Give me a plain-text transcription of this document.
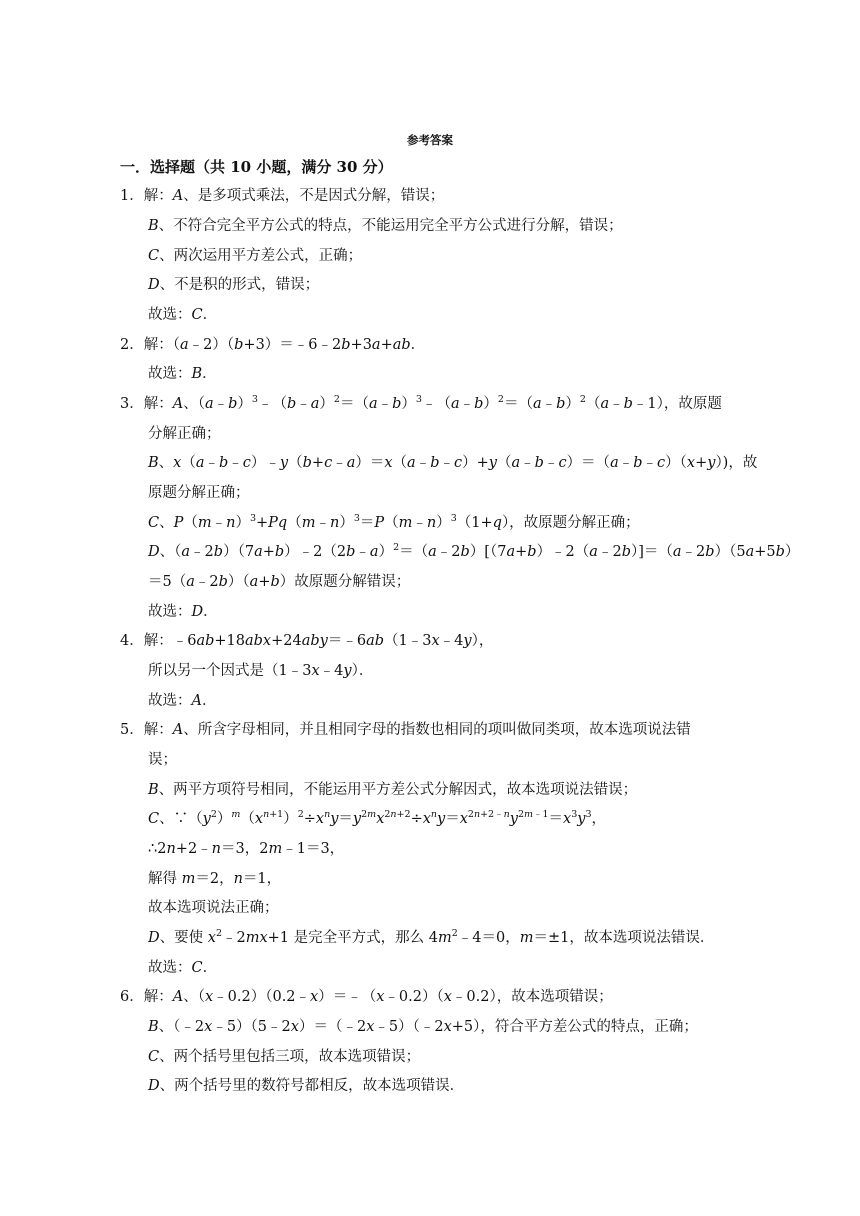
参考答案
一．选择题（共 10 小题，满分 30 分）
1．解：A、是多项式乘法，不是因式分解，错误；
B、不符合完全平方公式的特点，不能运用完全平方公式进行分解，错误；
C、两次运用平方差公式，正确；
D、不是积的形式，错误；
故选：C．
2．解：（a﹣2）（b+3）＝﹣6﹣2b+3a+ab．
故选：B．
3．解：A、（a﹣b）$^3$﹣（b﹣a）$^2$＝（a﹣b）$^3$﹣（a﹣b）$^2$＝（a﹣b）$^2$（a﹣b﹣1），故原题
分解正确；
B、x（a﹣b﹣c）﹣y（b+c﹣a）＝x（a﹣b﹣c）+y（a﹣b﹣c）＝（a﹣b﹣c）（x+y）)，故
原题分解正确；
C、P（m﹣n）$^3$+Pq（m﹣n）$^3$＝P（m﹣n）$^3$（1+q），故原题分解正确；
D、（a﹣2b）（7a+b）﹣2（2b﹣a）$^2$＝（a﹣2b）[（7a+b）﹣2（a﹣2b）]＝（a﹣2b）（5a+5b）
＝5（a﹣2b）（a+b）故原题分解错误；
故选：D．
4．解：﹣6ab+18abx+24aby＝﹣6ab（1﹣3x﹣4y），
所以另一个因式是（1﹣3x﹣4y）．
故选：A．
5．解：A、所含字母相同，并且相同字母的指数也相同的项叫做同类项，故本选项说法错
误；
B、两平方项符号相同，不能运用平方差公式分解因式，故本选项说法错误；
C、$\because(y^2)^m(x^{n+1})^2\div x^ny=y^{2m}x^{2n+2}\div x^ny=x^{2n+2﹣n}y^{2m﹣1}=x^3y^3$，
∴2n+2﹣n＝3，2m﹣1＝3，
解得 m＝2，n＝1，
故本选项说法正确；
D、要使 $x^2﹣2mx+1$ 是完全平方式，那么 $4m^2﹣4=0$，m＝±1，故本选项说法错误．
故选：C．
6．解：A、（x﹣0.2）（0.2﹣x）＝﹣（x﹣0.2）（x﹣0.2），故本选项错误；
B、（﹣2x﹣5）（5﹣2x）＝（﹣2x﹣5）（﹣2x+5），符合平方差公式的特点，正确；
C、两个括号里包括三项，故本选项错误；
D、两个括号里的数符号都相反，故本选项错误．
